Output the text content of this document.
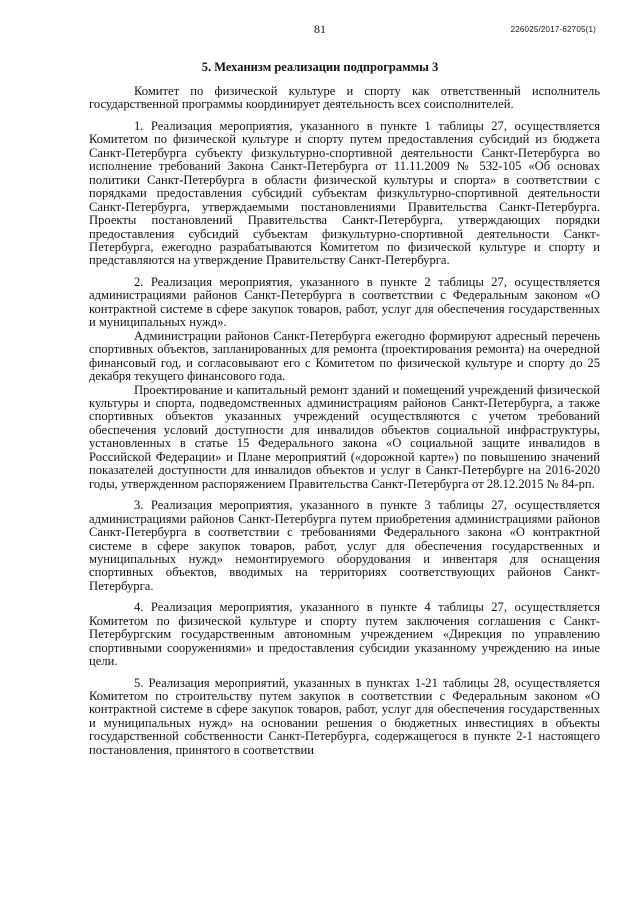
81	226025/2017-62705(1)
5. Механизм реализации подпрограммы 3

Комитет по физической культуре и спорту как ответственный исполнитель государственной программы координирует деятельность всех соисполнителей.

1. Реализация мероприятия, указанного в пункте 1 таблицы 27, осуществляется Комитетом по физической культуре и спорту путем предоставления субсидий из бюджета Санкт-Петербурга субъекту физкультурно-спортивной деятельности Санкт-Петербурга во исполнение требований Закона Санкт-Петербурга от 11.11.2009 № 532-105 «Об основах политики Санкт-Петербурга в области физической культуры и спорта» в соответствии с порядками предоставления субсидий субъектам физкультурно-спортивной деятельности Санкт-Петербурга, утверждаемыми постановлениями Правительства Санкт-Петербурга. Проекты постановлений Правительства Санкт-Петербурга, утверждающих порядки предоставления субсидий субъектам физкультурно-спортивной деятельности Санкт-Петербурга, ежегодно разрабатываются Комитетом по физической культуре и спорту и представляются на утверждение Правительству Санкт-Петербурга.

2. Реализация мероприятия, указанного в пункте 2 таблицы 27, осуществляется администрациями районов Санкт-Петербурга в соответствии с Федеральным законом «О контрактной системе в сфере закупок товаров, работ, услуг для обеспечения государственных и муниципальных нужд».

Администрации районов Санкт-Петербурга ежегодно формируют адресный перечень спортивных объектов, запланированных для ремонта (проектирования ремонта) на очередной финансовый год, и согласовывают его с Комитетом по физической культуре и спорту до 25 декабря текущего финансового года.

Проектирование и капитальный ремонт зданий и помещений учреждений физической культуры и спорта, подведомственных администрациям районов Санкт-Петербурга, а также спортивных объектов указанных учреждений осуществляются с учетом требований обеспечения условий доступности для инвалидов объектов социальной инфраструктуры, установленных в статье 15 Федерального закона «О социальной защите инвалидов в Российской Федерации» и Плане мероприятий («дорожной карте») по повышению значений показателей доступности для инвалидов объектов и услуг в Санкт-Петербурге на 2016-2020 годы, утвержденном распоряжением Правительства Санкт-Петербурга от 28.12.2015 № 84-рп.

3. Реализация мероприятия, указанного в пункте 3 таблицы 27, осуществляется администрациями районов Санкт-Петербурга путем приобретения администрациями районов Санкт-Петербурга в соответствии с требованиями Федерального закона «О контрактной системе в сфере закупок товаров, работ, услуг для обеспечения государственных и муниципальных нужд» немонтируемого оборудования и инвентаря для оснащения спортивных объектов, вводимых на территориях соответствующих районов Санкт-Петербурга.

4. Реализация мероприятия, указанного в пункте 4 таблицы 27, осуществляется Комитетом по физической культуре и спорту путем заключения соглашения с Санкт-Петербургским государственным автономным учреждением «Дирекция по управлению спортивными сооружениями» и предоставления субсидии указанному учреждению на иные цели.

5. Реализация мероприятий, указанных в пунктах 1-21 таблицы 28, осуществляется Комитетом по строительству путем закупок в соответствии с Федеральным законом «О контрактной системе в сфере закупок товаров, работ, услуг для обеспечения государственных и муниципальных нужд» на основании решения о бюджетных инвестициях в объекты государственной собственности Санкт-Петербурга, содержащегося в пункте 2-1 настоящего постановления, принятого в соответствии
